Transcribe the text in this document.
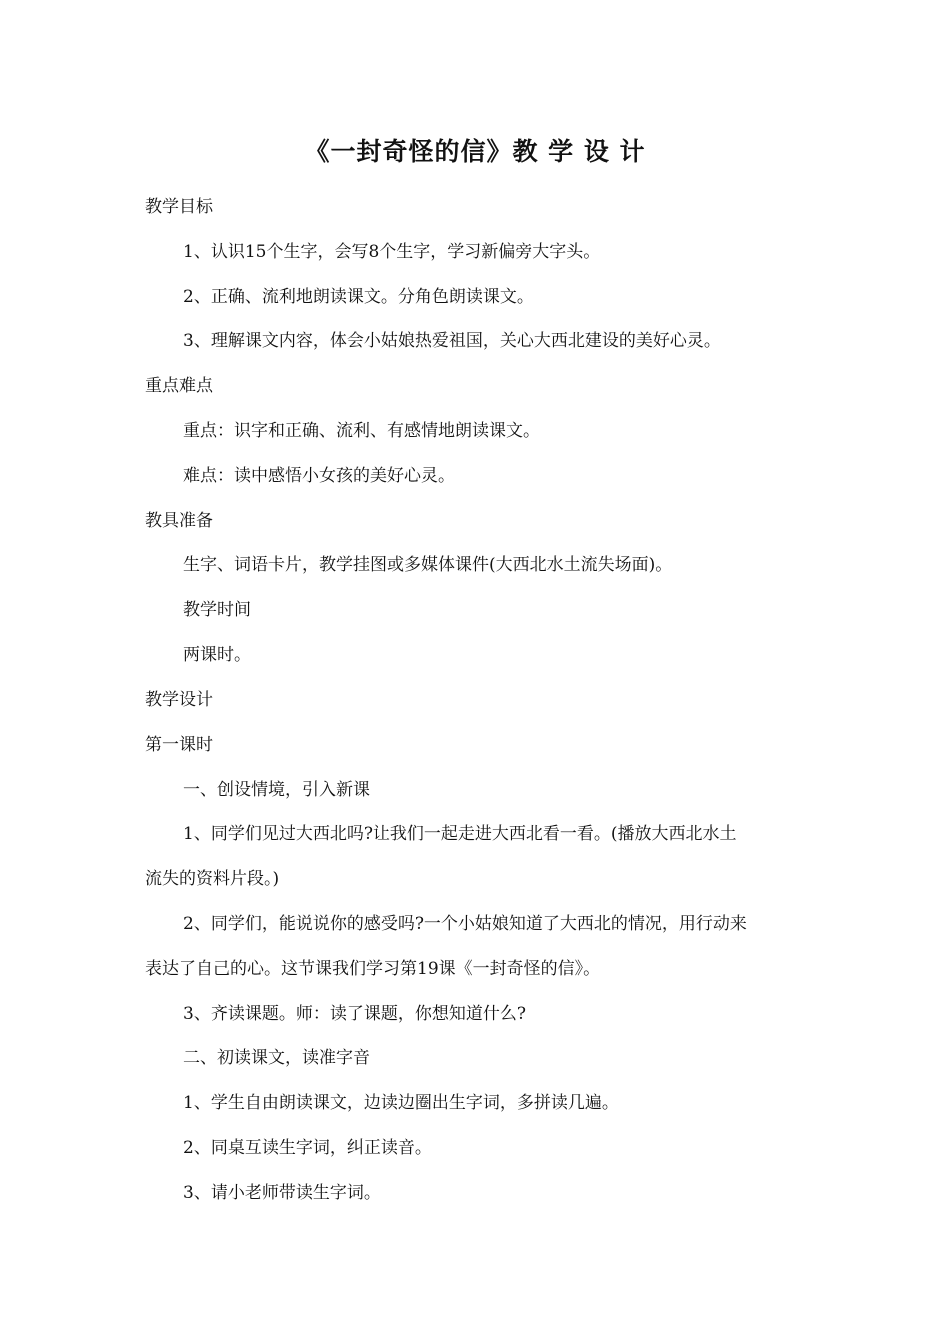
《一封奇怪的信》教 学 设 计
教学目标
1、认识15个生字，会写8个生字，学习新偏旁大字头。
2、正确、流利地朗读课文。分角色朗读课文。
3、理解课文内容，体会小姑娘热爱祖国，关心大西北建设的美好心灵。
重点难点
重点：识字和正确、流利、有感情地朗读课文。
难点：读中感悟小女孩的美好心灵。
教具准备
生字、词语卡片，教学挂图或多媒体课件(大西北水土流失场面)。
教学时间
两课时。
教学设计
第一课时
一、创设情境，引入新课
1、同学们见过大西北吗?让我们一起走进大西北看一看。(播放大西北水土
流失的资料片段。)
2、同学们，能说说你的感受吗?一个小姑娘知道了大西北的情况，用行动来
表达了自己的心。这节课我们学习第19课《一封奇怪的信》。
3、齐读课题。师：读了课题，你想知道什么?
二、初读课文，读准字音
1、学生自由朗读课文，边读边圈出生字词，多拼读几遍。
2、同桌互读生字词，纠正读音。
3、请小老师带读生字词。
